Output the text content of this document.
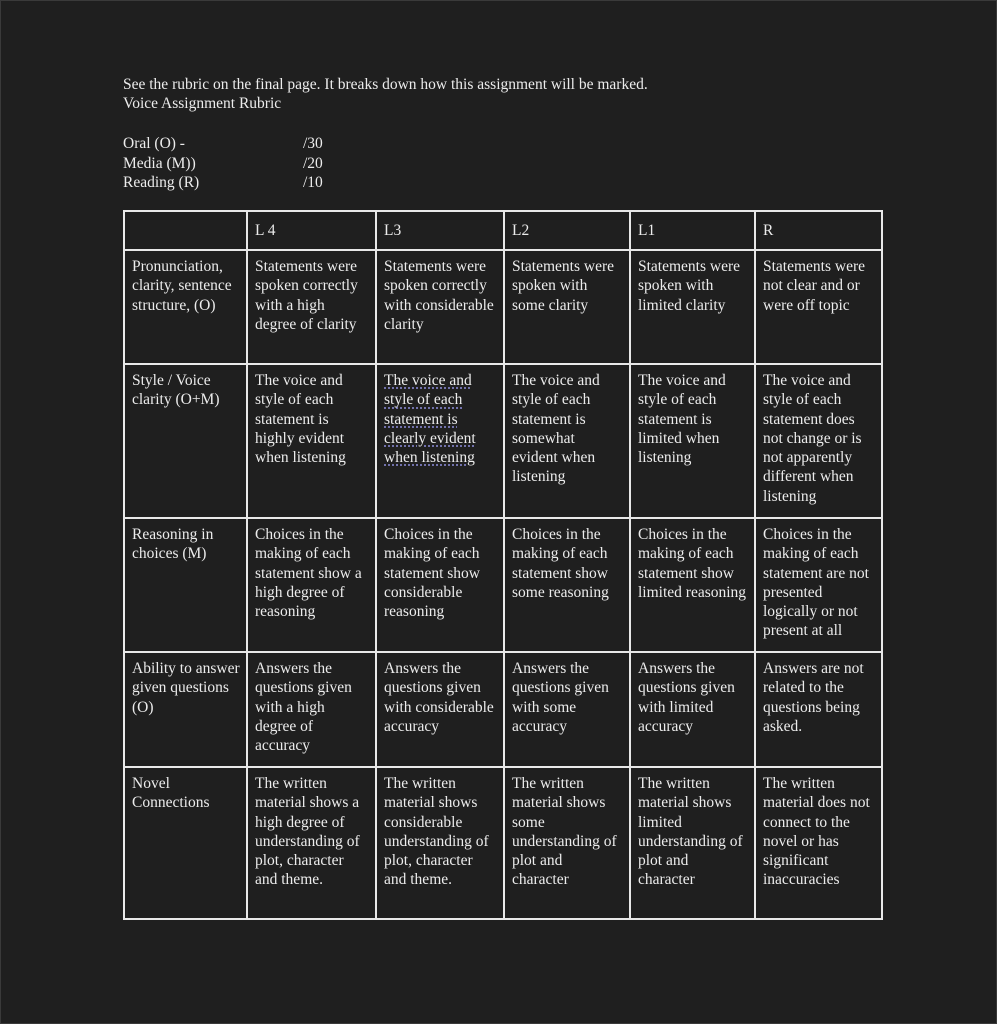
See the rubric on the final page. It breaks down how this assignment will be marked.
Voice Assignment Rubric
Oral (O) -	/30
Media (M))	/20
Reading (R)	/10
	L 4	L3	L2	L1	R
Pronunciation, clarity, sentence structure, (O)	Statements were spoken correctly with a high degree of clarity	Statements were spoken correctly with considerable clarity	Statements were spoken with some clarity	Statements were spoken with limited clarity	Statements were not clear and or were off topic
Style / Voice clarity (O+M)	The voice and style of each statement is highly evident when listening	The voice and style of each statement is clearly evident when listening	The voice and style of each statement is somewhat evident when listening	The voice and style of each statement is limited when listening	The voice and style of each statement does not change or is not apparently different when listening
Reasoning in choices (M)	Choices in the making of each statement show a high degree of reasoning	Choices in the making of each statement show considerable reasoning	Choices in the making of each statement show some reasoning	Choices in the making of each statement show limited reasoning	Choices in the making of each statement are not presented logically or not present at all
Ability to answer given questions (O)	Answers the questions given with a high degree of accuracy	Answers the questions given with considerable accuracy	Answers the questions given with some accuracy	Answers the questions given with limited accuracy	Answers are not related to the questions being asked.
Novel Connections	The written material shows a high degree of understanding of plot, character and theme.	The written material shows considerable understanding of plot, character and theme.	The written material shows some understanding of plot and character	The written material shows limited understanding of plot and character	The written material does not connect to the novel or has significant inaccuracies
